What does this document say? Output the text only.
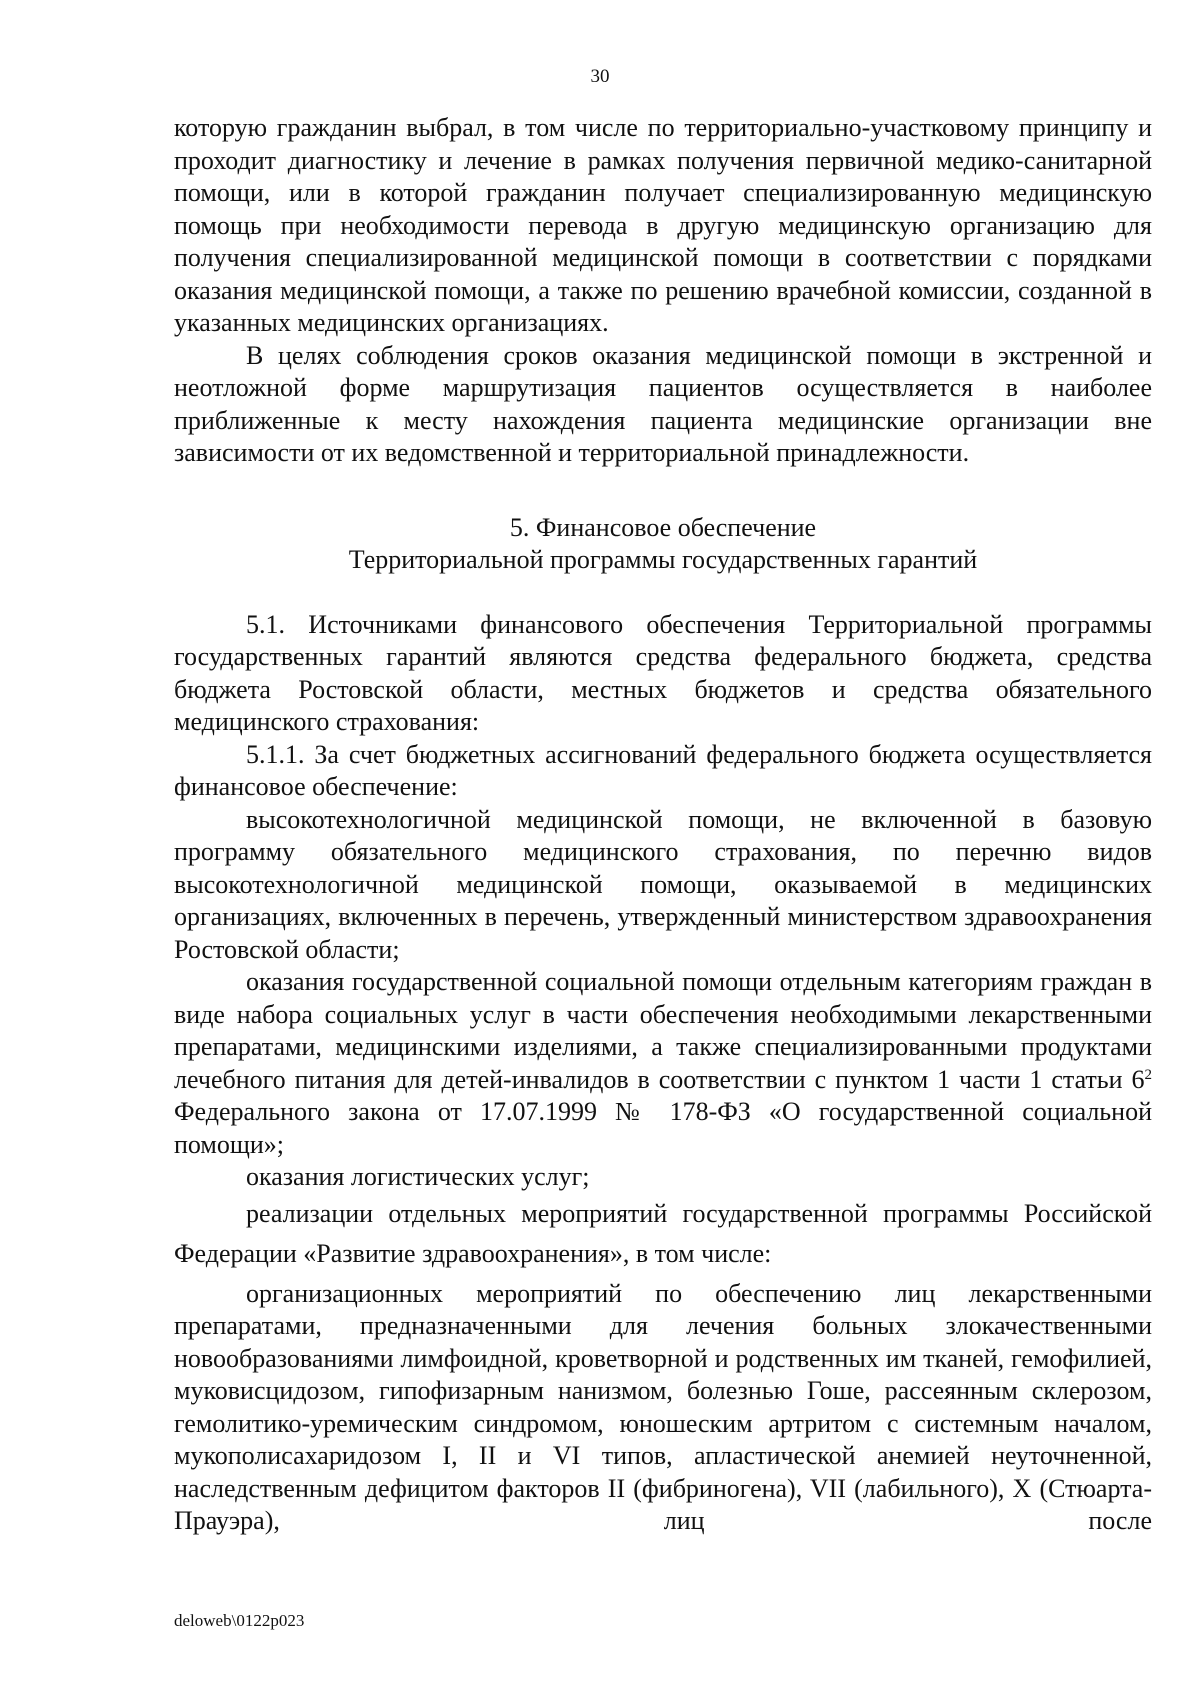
30

которую гражданин выбрал, в том числе по территориально-участковому принципу и проходит диагностику и лечение в рамках получения первичной медико-санитарной помощи, или в которой гражданин получает специализированную медицинскую помощь при необходимости перевода в другую медицинскую организацию для получения специализированной медицинской помощи в соответствии с порядками оказания медицинской помощи, а также по решению врачебной комиссии, созданной в указанных медицинских организациях.

В целях соблюдения сроков оказания медицинской помощи в экстренной и неотложной форме маршрутизация пациентов осуществляется в наиболее приближенные к месту нахождения пациента медицинские организации вне зависимости от их ведомственной и территориальной принадлежности.

5. Финансовое обеспечение

Территориальной программы государственных гарантий

5.1. Источниками финансового обеспечения Территориальной программы государственных гарантий являются средства федерального бюджета, средства бюджета Ростовской области, местных бюджетов и средства обязательного медицинского страхования:

5.1.1. За счет бюджетных ассигнований федерального бюджета осуществляется финансовое обеспечение:

высокотехнологичной медицинской помощи, не включенной в базовую программу обязательного медицинского страхования, по перечню видов высокотехнологичной медицинской помощи, оказываемой в медицинских организациях, включенных в перечень, утвержденный министерством здравоохранения Ростовской области;

оказания государственной социальной помощи отдельным категориям граждан в виде набора социальных услуг в части обеспечения необходимыми лекарственными препаратами, медицинскими изделиями, а также специализированными продуктами лечебного питания для детей-инвалидов в соответствии с пунктом 1 части 1 статьи $6^2$ Федерального закона от 17.07.1999 № 178-ФЗ «О государственной социальной помощи»;

оказания логистических услуг;

реализации отдельных мероприятий государственной программы Российской Федерации «Развитие здравоохранения», в том числе:

организационных мероприятий по обеспечению лиц лекарственными препаратами, предназначенными для лечения больных злокачественными новообразованиями лимфоидной, кроветворной и родственных им тканей, гемофилией, муковисцидозом, гипофизарным нанизмом, болезнью Гоше, рассеянным склерозом, гемолитико-уремическим синдромом, юношеским артритом с системным началом, мукополисахаридозом I, II и VI типов, апластической анемией неуточненной, наследственным дефицитом факторов II (фибриногена), VII (лабильного), X (Стюарта-Прауэра), лиц после

deloweb\0122p023
